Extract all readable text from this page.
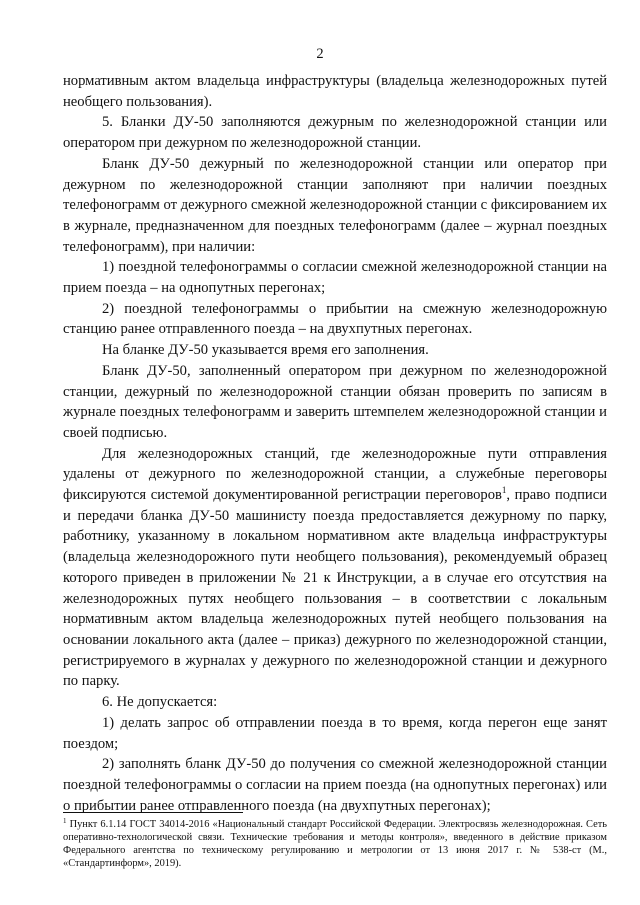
2

нормативным актом владельца инфраструктуры (владельца железнодорожных путей необщего пользования).

5. Бланки ДУ-50 заполняются дежурным по железнодорожной станции или оператором при дежурном по железнодорожной станции.

Бланк ДУ-50 дежурный по железнодорожной станции или оператор при дежурном по железнодорожной станции заполняют при наличии поездных телефонограмм от дежурного смежной железнодорожной станции с фиксированием их в журнале, предназначенном для поездных телефонограмм (далее – журнал поездных телефонограмм), при наличии:

1) поездной телефонограммы о согласии смежной железнодорожной станции на прием поезда – на однопутных перегонах;

2) поездной телефонограммы о прибытии на смежную железнодорожную станцию ранее отправленного поезда – на двухпутных перегонах.

На бланке ДУ-50 указывается время его заполнения.

Бланк ДУ-50, заполненный оператором при дежурном по железнодорожной станции, дежурный по железнодорожной станции обязан проверить по записям в журнале поездных телефонограмм и заверить штемпелем железнодорожной станции и своей подписью.

Для железнодорожных станций, где железнодорожные пути отправления удалены от дежурного по железнодорожной станции, а служебные переговоры фиксируются системой документированной регистрации переговоров$^1$, право подписи и передачи бланка ДУ-50 машинисту поезда предоставляется дежурному по парку, работнику, указанному в локальном нормативном акте владельца инфраструктуры (владельца железнодорожного пути необщего пользования), рекомендуемый образец которого приведен в приложении № 21 к Инструкции, а в случае его отсутствия на железнодорожных путях необщего пользования – в соответствии с локальным нормативным актом владельца железнодорожных путей необщего пользования на основании локального акта (далее – приказ) дежурного по железнодорожной станции, регистрируемого в журналах у дежурного по железнодорожной станции и дежурного по парку.

6. Не допускается:

1) делать запрос об отправлении поезда в то время, когда перегон еще занят поездом;

2) заполнять бланк ДУ-50 до получения со смежной железнодорожной станции поездной телефонограммы о согласии на прием поезда (на однопутных перегонах) или о прибытии ранее отправленного поезда (на двухпутных перегонах);

$^1$ Пункт 6.1.14 ГОСТ 34014-2016 «Национальный стандарт Российской Федерации. Электросвязь железнодорожная. Сеть оперативно-технологической связи. Технические требования и методы контроля», введенного в действие приказом Федерального агентства по техническому регулированию и метрологии от 13 июня 2017 г. № 538-ст (М., «Стандартинформ», 2019).
